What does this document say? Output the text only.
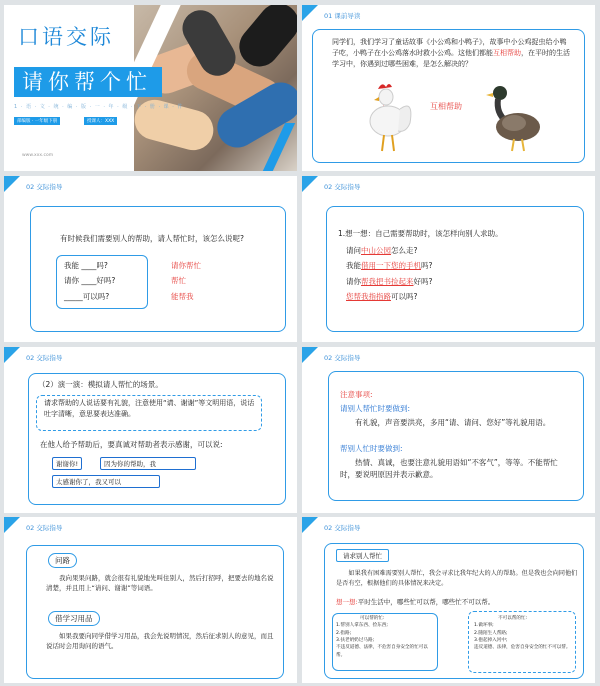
口语交际
请你帮个忙
1 · 语 · 文 · 统 · 编 · 版 · 一 · 年 · 级 · 下 · 册 · 课 · 件
部编版 · 一年级下册	授课人：XXX
www.xxx.com
01 课前导读
同学们，我们学习了童话故事《小公鸡和小鸭子》，故事中小公鸡捉虫给小鸭子吃，小鸭子在小公鸡落水时救小公鸡。这他们都能互相帮助，在平时的生活学习中，你遇到过哪些困难，是怎么解决的？
互相帮助
02 交际指导
有时候我们需要别人的帮助，请人帮忙时，该怎么说呢?
我能 ____吗?
请你 ____好吗?
_____可以吗?
请你帮忙
帮忙
能帮我
02 交际指导
1.想一想：自己需要帮助时，该怎样向别人求助。
请问中山公园怎么走?
我能借用一下您的手机吗?
请你帮我把书捡起来好吗?
您帮我指指路可以吗?
02 交际指导
（2）演一演：模拟请人帮忙的场景。
请求帮助的人说话要有礼貌，注意使用“请、谢谢”等文明用语，说话吐字清晰，意思要表达准确。
在他人给予帮助后，要真诚对帮助者表示感谢，可以说:
谢谢你!	因为你的帮助，我
太感谢你了，我又可以
02 交际指导
注意事项:
请别人帮忙时要做到:
有礼貌，声音要洪亮，多用“请、请问、您好”等礼貌用语。
帮别人忙时要做到:
热情、真诚，也要注意礼貌用语如“不客气”，等等。不能帮忙时，要说明原因并表示歉意。
02 交际指导
问路
我向果果问路，就会很有礼貌地先叫住别人，然后打招呼，把要去的地名说清楚，并且用上“请问、谢谢”等词语。
借学习用品
如果我要向同学借学习用品，我会先说明情况，然后征求别人的意见，而且说话时会用询问的语气。
02 交际指导
请求别人帮忙
如果我有困难需要别人帮忙，我会寻求比我年纪大的人的帮助。但是我也会向同他们是否有空，根据他们的具体情况来决定。
想一想:平时生活中，哪些忙可以帮，哪些忙不可以帮。
可以帮的忙:
1.帮别人拿东西、捡东西;
2.指路;
3.扶老奶奶过马路;
不违反道德、法律，不危害自身安全的忙可以帮。
不可以帮的忙:
1.做坏事;
2.随陌生人帮路;
3.抱起掉入河中;
违反道德、法律，危害自身安全的忙不可以帮。
